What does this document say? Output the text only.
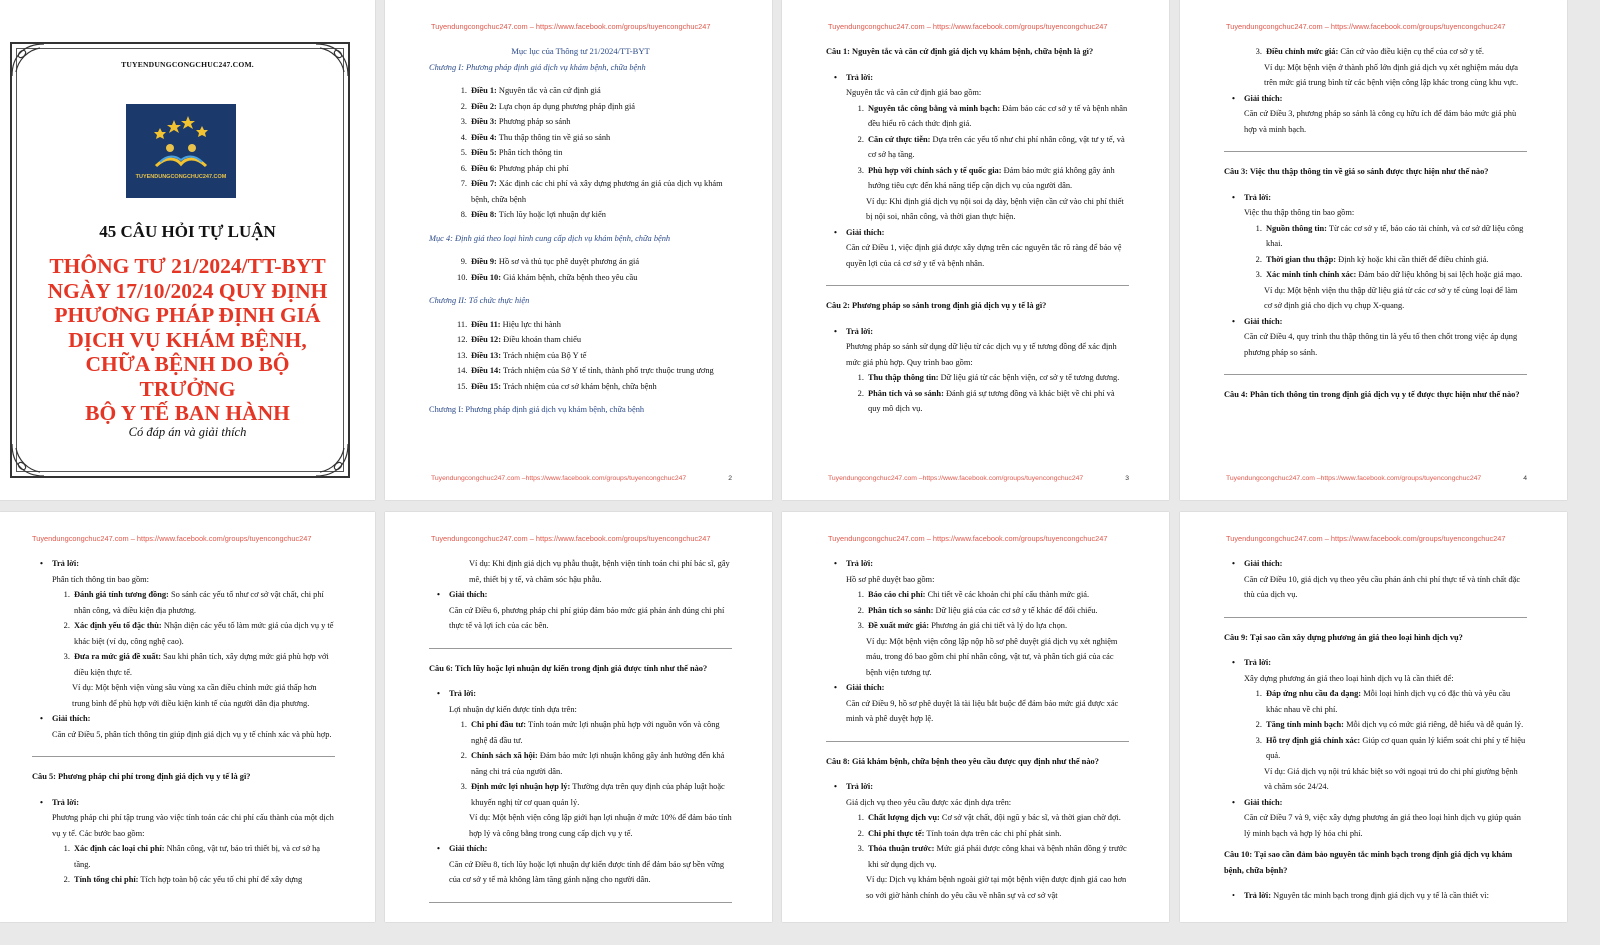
TUYENDUNGCONGCHUC247.COM.
TUYENDUNGCONGCHUC247.COM
45 CÂU HỎI TỰ LUẬN
THÔNG TƯ 21/2024/TT-BYT
NGÀY 17/10/2024 QUY ĐỊNH
PHƯƠNG PHÁP ĐỊNH GIÁ
DỊCH VỤ KHÁM BỆNH,
CHỮA BỆNH DO BỘ
TRƯỞNG
BỘ Y TẾ BAN HÀNH
Có đáp án và giải thích
Tuyendungcongchuc247.com – https://www.facebook.com/groups/tuyencongchuc247

Mục lục của Thông tư 21/2024/TT-BYT

Chương I: Phương pháp định giá dịch vụ khám bệnh, chữa bệnh

1. Điều 1: Nguyên tắc và căn cứ định giá
2. Điều 2: Lựa chọn áp dụng phương pháp định giá
3. Điều 3: Phương pháp so sánh
4. Điều 4: Thu thập thông tin về giá so sánh
5. Điều 5: Phân tích thông tin
6. Điều 6: Phương pháp chi phí
7. Điều 7: Xác định các chi phí và xây dựng phương án giá của dịch vụ khám bệnh, chữa bệnh
8. Điều 8: Tích lũy hoặc lợi nhuận dự kiến

Mục 4: Định giá theo loại hình cung cấp dịch vụ khám bệnh, chữa bệnh

9. Điều 9: Hồ sơ và thủ tục phê duyệt phương án giá
10. Điều 10: Giá khám bệnh, chữa bệnh theo yêu cầu

Chương II: Tổ chức thực hiện

11. Điều 11: Hiệu lực thi hành
12. Điều 12: Điều khoản tham chiếu
13. Điều 13: Trách nhiệm của Bộ Y tế
14. Điều 14: Trách nhiệm của Sở Y tế tỉnh, thành phố trực thuộc trung ương
15. Điều 15: Trách nhiệm của cơ sở khám bệnh, chữa bệnh

Chương I: Phương pháp định giá dịch vụ khám bệnh, chữa bệnh

Tuyendungcongchuc247.com –https://www.facebook.com/groups/tuyencongchuc247	2
Tuyendungcongchuc247.com – https://www.facebook.com/groups/tuyencongchuc247

Câu 1: Nguyên tắc và căn cứ định giá dịch vụ khám bệnh, chữa bệnh là gì?

• Trả lời:

Nguyên tắc và căn cứ định giá bao gồm:

1. Nguyên tắc công bằng và minh bạch: Đảm bảo các cơ sở y tế và bệnh nhân đều hiểu rõ cách thức định giá.
2. Căn cứ thực tiễn: Dựa trên các yếu tố như chi phí nhân công, vật tư y tế, và cơ sở hạ tầng.
3. Phù hợp với chính sách y tế quốc gia: Đảm bảo mức giá không gây ảnh hưởng tiêu cực đến khả năng tiếp cận dịch vụ của người dân.

Ví dụ: Khi định giá dịch vụ nội soi dạ dày, bệnh viện cần cứ vào chi phí thiết bị nội soi, nhân công, và thời gian thực hiện.

• Giải thích:

Căn cứ Điều 1, việc định giá được xây dựng trên các nguyên tắc rõ ràng để bảo vệ quyền lợi của cả cơ sở y tế và bệnh nhân.

Câu 2: Phương pháp so sánh trong định giá dịch vụ y tế là gì?

• Trả lời:

Phương pháp so sánh sử dụng dữ liệu từ các dịch vụ y tế tương đồng để xác định mức giá phù hợp. Quy trình bao gồm:

1. Thu thập thông tin: Dữ liệu giá từ các bệnh viện, cơ sở y tế tương đương.
2. Phân tích và so sánh: Đánh giá sự tương đồng và khác biệt về chi phí và quy mô dịch vụ.
Tuyendungcongchuc247.com –https://www.facebook.com/groups/tuyencongchuc247	3
Tuyendungcongchuc247.com – https://www.facebook.com/groups/tuyencongchuc247
3. Điều chỉnh mức giá: Căn cứ vào điều kiện cụ thể của cơ sở y tế.

Ví dụ: Một bệnh viện ở thành phố lớn định giá dịch vụ xét nghiệm máu dựa trên mức giá trung bình từ các bệnh viện công lập khác trong cùng khu vực.

• Giải thích:

Căn cứ Điều 3, phương pháp so sánh là công cụ hữu ích để đảm bảo mức giá phù hợp và minh bạch.

Câu 3: Việc thu thập thông tin về giá so sánh được thực hiện như thế nào?

• Trả lời:

Việc thu thập thông tin bao gồm:

1. Nguồn thông tin: Từ các cơ sở y tế, báo cáo tài chính, và cơ sở dữ liệu công khai.
2. Thời gian thu thập: Định kỳ hoặc khi cần thiết để điều chỉnh giá.
3. Xác minh tính chính xác: Đảm bảo dữ liệu không bị sai lệch hoặc giả mạo.

Ví dụ: Một bệnh viện thu thập dữ liệu giá từ các cơ sở y tế cùng loại để làm cơ sở định giá cho dịch vụ chụp X-quang.

• Giải thích:

Căn cứ Điều 4, quy trình thu thập thông tin là yếu tố then chốt trong việc áp dụng phương pháp so sánh.

Câu 4: Phân tích thông tin trong định giá dịch vụ y tế được thực hiện như thế nào?

Tuyendungcongchuc247.com –https://www.facebook.com/groups/tuyencongchuc247	4
Tuyendungcongchuc247.com – https://www.facebook.com/groups/tuyencongchuc247
• Trả lời:

Phân tích thông tin bao gồm:

1. Đánh giá tính tương đồng: So sánh các yếu tố như cơ sở vật chất, chi phí nhân công, và điều kiện địa phương.
2. Xác định yếu tố đặc thù: Nhận diện các yếu tố làm mức giá của dịch vụ y tế khác biệt (ví dụ, công nghệ cao).
3. Đưa ra mức giá đề xuất: Sau khi phân tích, xây dựng mức giá phù hợp với điều kiện thực tế.

Ví dụ: Một bệnh viện vùng sâu vùng xa cần điều chỉnh mức giá thấp hơn trung bình để phù hợp với điều kiện kinh tế của người dân địa phương.

• Giải thích:

Căn cứ Điều 5, phân tích thông tin giúp định giá dịch vụ y tế chính xác và phù hợp.

Câu 5: Phương pháp chi phí trong định giá dịch vụ y tế là gì?

• Trả lời:

Phương pháp chi phí tập trung vào việc tính toán các chi phí cấu thành của một dịch vụ y tế. Các bước bao gồm:

1. Xác định các loại chi phí: Nhân công, vật tư, bảo trì thiết bị, và cơ sở hạ tầng.
2. Tính tổng chi phí: Tích hợp toàn bộ các yếu tố chi phí để xây dựng
Tuyendungcongchuc247.com – https://www.facebook.com/groups/tuyencongchuc247

Ví dụ: Khi định giá dịch vụ phẫu thuật, bệnh viện tính toán chi phí bác sĩ, gây mê, thiết bị y tế, và chăm sóc hậu phẫu.

• Giải thích:

Căn cứ Điều 6, phương pháp chi phí giúp đảm bảo mức giá phản ánh đúng chi phí thực tế và lợi ích của các bên.

Câu 6: Tích lũy hoặc lợi nhuận dự kiến trong định giá được tính như thế nào?

• Trả lời:

Lợi nhuận dự kiến được tính dựa trên:

1. Chi phí đầu tư: Tính toán mức lợi nhuận phù hợp với nguồn vốn và công nghệ đã đầu tư.
2. Chính sách xã hội: Đảm bảo mức lợi nhuận không gây ảnh hưởng đến khả năng chi trả của người dân.
3. Định mức lợi nhuận hợp lý: Thường dựa trên quy định của pháp luật hoặc khuyến nghị từ cơ quan quản lý.

Ví dụ: Một bệnh viện công lập giới hạn lợi nhuận ở mức 10% để đảm bảo tính hợp lý và công bằng trong cung cấp dịch vụ y tế.

• Giải thích:

Căn cứ Điều 8, tích lũy hoặc lợi nhuận dự kiến được tính để đảm bảo sự bền vững của cơ sở y tế mà không làm tăng gánh nặng cho người dân.

Tuyendungcongchuc247.com – https://www.facebook.com/groups/tuyencongchuc247
• Trả lời:

Hồ sơ phê duyệt bao gồm:

1. Báo cáo chi phí: Chi tiết về các khoản chi phí cấu thành mức giá.
2. Phân tích so sánh: Dữ liệu giá của các cơ sở y tế khác để đối chiếu.
3. Đề xuất mức giá: Phương án giá chi tiết và lý do lựa chọn.

Ví dụ: Một bệnh viện công lập nộp hồ sơ phê duyệt giá dịch vụ xét nghiệm máu, trong đó bao gồm chi phí nhân công, vật tư, và phân tích giá của các bệnh viện tương tự.

• Giải thích:

Căn cứ Điều 9, hồ sơ phê duyệt là tài liệu bắt buộc để đảm bảo mức giá được xác minh và phê duyệt hợp lệ.

Câu 8: Giá khám bệnh, chữa bệnh theo yêu cầu được quy định như thế nào?

• Trả lời:

Giá dịch vụ theo yêu cầu được xác định dựa trên:

1. Chất lượng dịch vụ: Cơ sở vật chất, đội ngũ y bác sĩ, và thời gian chờ đợi.
2. Chi phí thực tế: Tính toán dựa trên các chi phí phát sinh.
3. Thỏa thuận trước: Mức giá phải được công khai và bệnh nhân đồng ý trước khi sử dụng dịch vụ.

Ví dụ: Dịch vụ khám bệnh ngoài giờ tại một bệnh viện được định giá cao hơn so với giờ hành chính do yêu cầu về nhân sự và cơ sở vật

Tuyendungcongchuc247.com – https://www.facebook.com/groups/tuyencongchuc247
• Giải thích:

Căn cứ Điều 10, giá dịch vụ theo yêu cầu phản ánh chi phí thực tế và tính chất đặc thù của dịch vụ.

Câu 9: Tại sao cần xây dựng phương án giá theo loại hình dịch vụ?

• Trả lời:

Xây dựng phương án giá theo loại hình dịch vụ là cần thiết để:

1. Đáp ứng nhu cầu đa dạng: Mỗi loại hình dịch vụ có đặc thù và yêu cầu khác nhau về chi phí.
2. Tăng tính minh bạch: Mỗi dịch vụ có mức giá riêng, dễ hiểu và dễ quản lý.
3. Hỗ trợ định giá chính xác: Giúp cơ quan quản lý kiểm soát chi phí y tế hiệu quả.

Ví dụ: Giá dịch vụ nội trú khác biệt so với ngoại trú do chi phí giường bệnh và chăm sóc 24/24.

• Giải thích:

Căn cứ Điều 7 và 9, việc xây dựng phương án giá theo loại hình dịch vụ giúp quản lý minh bạch và hợp lý hóa chi phí.

Câu 10: Tại sao cần đảm bảo nguyên tắc minh bạch trong định giá dịch vụ khám bệnh, chữa bệnh?

• Trả lời: Nguyên tắc minh bạch trong định giá dịch vụ y tế là cần thiết vì:
